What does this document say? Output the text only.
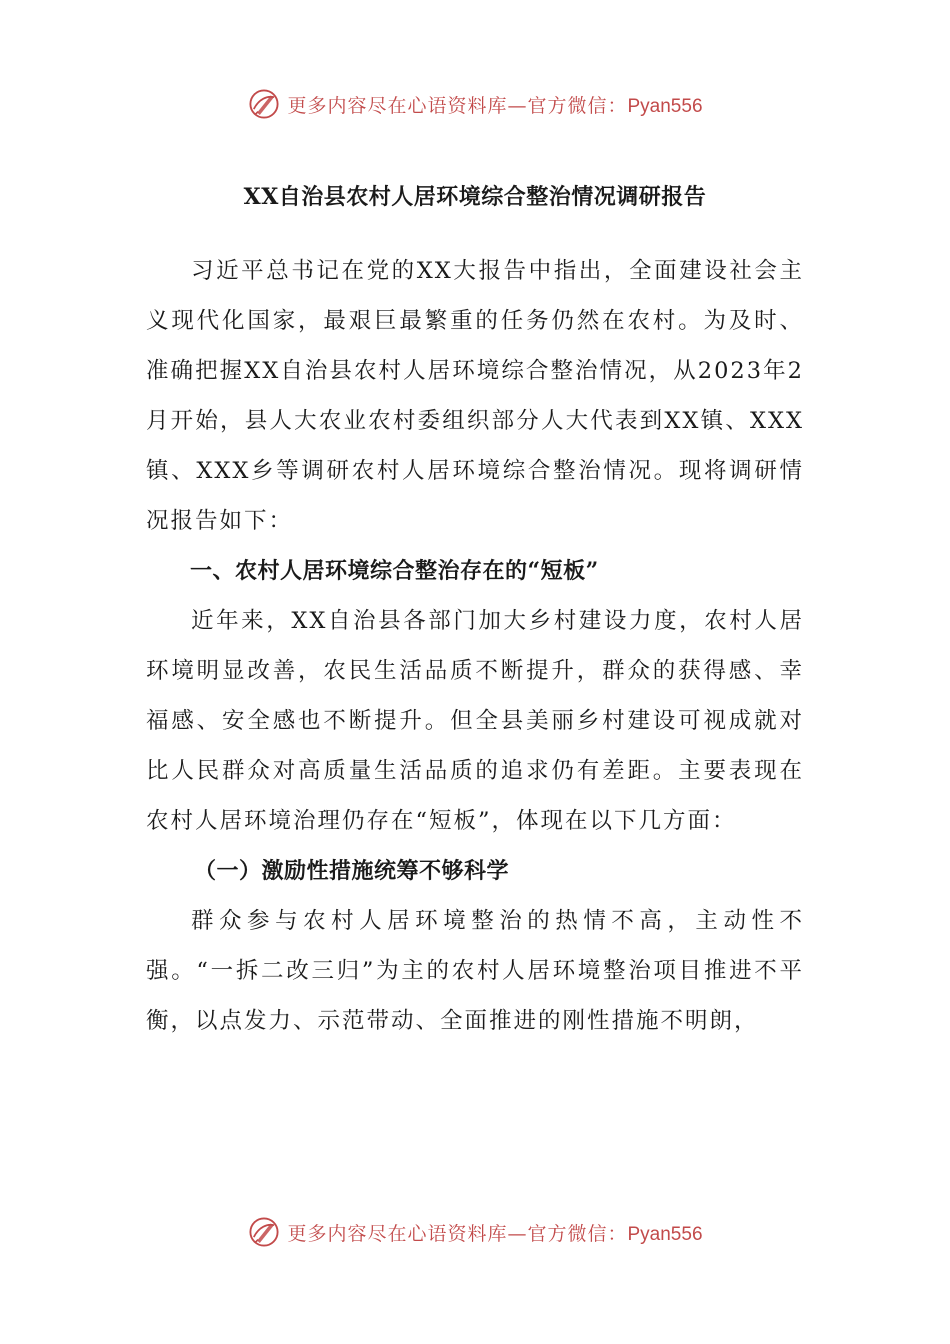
更多内容尽在心语资料库—官方微信：Pyan556

XX自治县农村人居环境综合整治情况调研报告

习近平总书记在党的XX大报告中指出，全面建设社会主义现代化国家，最艰巨最繁重的任务仍然在农村。为及时、准确把握XX自治县农村人居环境综合整治情况，从2023年2月开始，县人大农业农村委组织部分人大代表到XX镇、XXX镇、XXX乡等调研农村人居环境综合整治情况。现将调研情况报告如下：

一、农村人居环境综合整治存在的“短板”

近年来，XX自治县各部门加大乡村建设力度，农村人居环境明显改善，农民生活品质不断提升，群众的获得感、幸福感、安全感也不断提升。但全县美丽乡村建设可视成就对比人民群众对高质量生活品质的追求仍有差距。主要表现在农村人居环境治理仍存在“短板”，体现在以下几方面：

（一）激励性措施统筹不够科学

群众参与农村人居环境整治的热情不高，主动性不强。“一拆二改三归”为主的农村人居环境整治项目推进不平衡，以点发力、示范带动、全面推进的刚性措施不明朗，

更多内容尽在心语资料库—官方微信：Pyan556
